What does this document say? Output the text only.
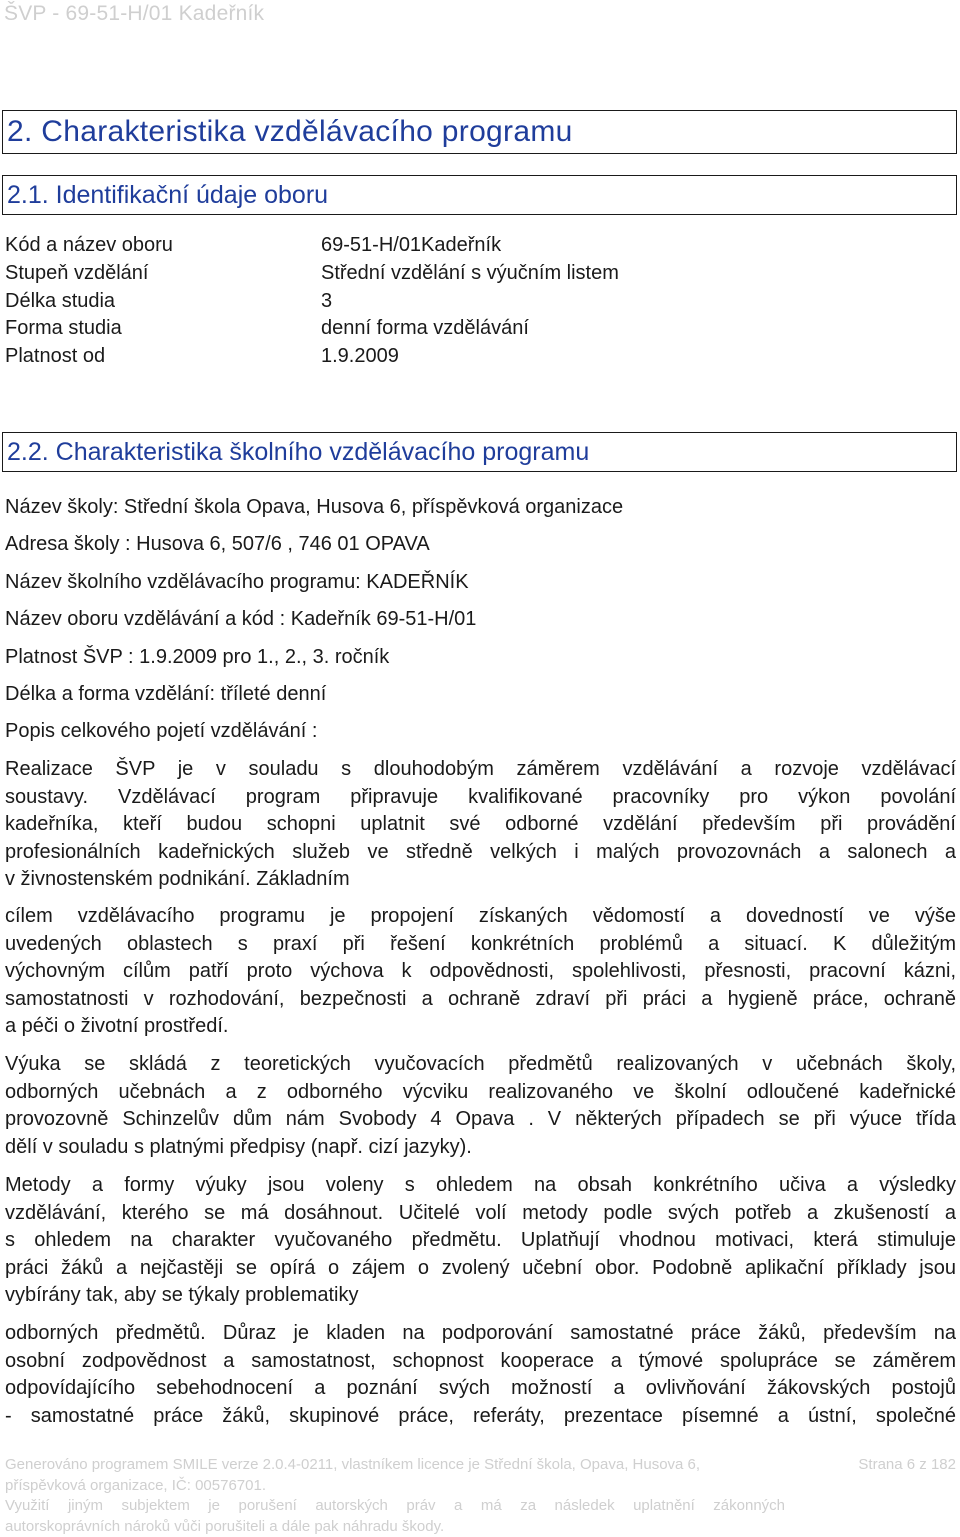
ŠVP - 69-51-H/01 Kadeřník
2. Charakteristika vzdělávacího programu
2.1. Identifikační údaje oboru
Kód a název oboru	69-51-H/01Kadeřník
Stupeň vzdělání	Střední vzdělání s výučním listem
Délka studia	3
Forma studia	denní forma vzdělávání
Platnost od	1.9.2009
2.2. Charakteristika školního vzdělávacího programu
Název školy: Střední škola Opava, Husova 6, příspěvková organizace
Adresa školy : Husova 6, 507/6 , 746 01 OPAVA
Název školního vzdělávacího programu: KADEŘNÍK
Název oboru vzdělávání a kód : Kadeřník 69-51-H/01
Platnost ŠVP : 1.9.2009 pro 1., 2., 3. ročník
Délka a forma vzdělání: tříleté denní
Popis celkového pojetí vzdělávání :
Realizace ŠVP je v souladu s dlouhodobým záměrem vzdělávání a rozvoje vzdělávací
soustavy. Vzdělávací program připravuje kvalifikované pracovníky pro výkon povolání
kadeřníka, kteří budou schopni uplatnit své odborné vzdělání především při provádění
profesionálních kadeřnických služeb ve středně velkých i malých provozovnách a salonech a
v živnostenském podnikání. Základním
cílem vzdělávacího programu je propojení získaných vědomostí a dovedností ve výše
uvedených oblastech s praxí při řešení konkrétních problémů a situací. K důležitým
výchovným cílům patří proto výchova k odpovědnosti, spolehlivosti, přesnosti, pracovní kázni,
samostatnosti v rozhodování, bezpečnosti a ochraně zdraví při práci a hygieně práce, ochraně
a péči o životní prostředí.
Výuka se skládá z teoretických vyučovacích předmětů realizovaných v učebnách školy,
odborných učebnách a z odborného výcviku realizovaného ve školní odloučené kadeřnické
provozovně Schinzelův dům nám Svobody 4 Opava . V některých případech se při výuce třída
dělí v souladu s platnými předpisy (např. cizí jazyky).
Metody a formy výuky jsou voleny s ohledem na obsah konkrétního učiva a výsledky
vzdělávání, kterého se má dosáhnout. Učitelé volí metody podle svých potřeb a zkušeností a
s ohledem na charakter vyučovaného předmětu. Uplatňují vhodnou motivaci, která stimuluje
práci žáků a nejčastěji se opírá o zájem o zvolený učební obor. Podobně aplikační příklady jsou
vybírány tak, aby se týkaly problematiky
odborných předmětů. Důraz je kladen na podporování samostatné práce žáků, především na
osobní zodpovědnost a samostatnost, schopnost kooperace a týmové spolupráce se záměrem
odpovídajícího sebehodnocení a poznání svých možností a ovlivňování žákovských postojů
- samostatné práce žáků, skupinové práce, referáty, prezentace písemné a ústní, společné
Generováno programem SMILE verze 2.0.4-0211, vlastníkem licence je Střední škola, Opava, Husova 6,
příspěvková organizace, IČ: 00576701.
Využití jiným subjektem je porušení autorských práv a má za následek uplatnění zákonných
autorskoprávních nároků vůči porušiteli a dále pak náhradu škody.
Strana 6 z 182
